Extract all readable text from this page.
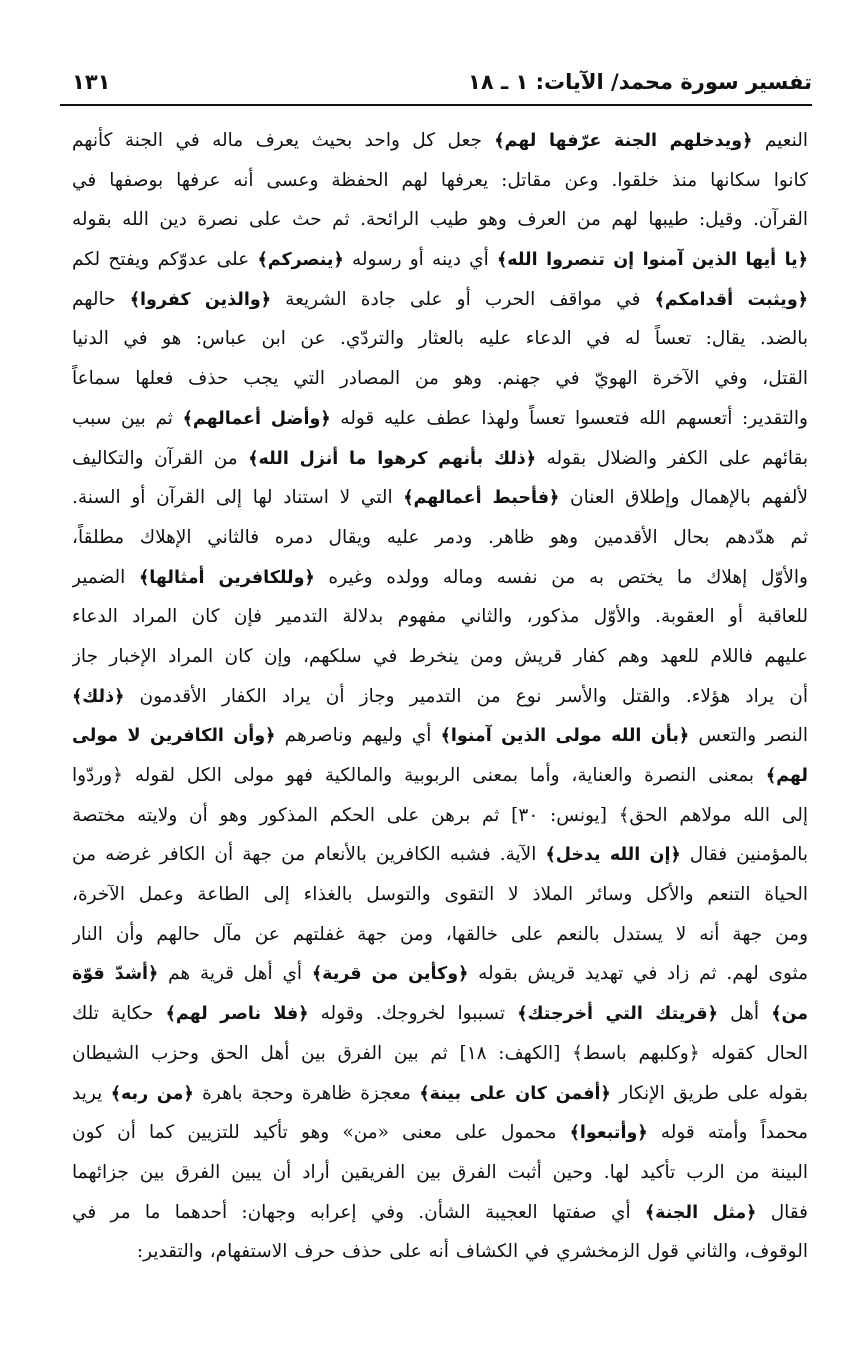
تفسير سورة محمد/ الآيات: ١ ـ ١٨
١٣١
النعيم ﴿ويدخلهم الجنة عرّفها لهم﴾ جعل كل واحد بحيث يعرف ماله في الجنة كأنهم
كانوا سكانها منذ خلقوا. وعن مقاتل: يعرفها لهم الحفظة وعسى أنه عرفها بوصفها في
القرآن. وقيل: طيبها لهم من العرف وهو طيب الرائحة. ثم حث على نصرة دين الله بقوله
﴿يا أيها الذين آمنوا إن تنصروا الله﴾ أي دينه أو رسوله ﴿ينصركم﴾ على عدوّكم ويفتح لكم
﴿ويثبت أقدامكم﴾ في مواقف الحرب أو على جادة الشريعة ﴿والذين كفروا﴾ حالهم
بالضد. يقال: تعساً له في الدعاء عليه بالعثار والتردّي. عن ابن عباس: هو في الدنيا
القتل، وفي الآخرة الهويّ في جهنم. وهو من المصادر التي يجب حذف فعلها سماعاً
والتقدير: أتعسهم الله فتعسوا تعساً ولهذا عطف عليه قوله ﴿وأضل أعمالهم﴾ ثم بين سبب
بقائهم على الكفر والضلال بقوله ﴿ذلك بأنهم كرهوا ما أنزل الله﴾ من القرآن والتكاليف
لألفهم بالإهمال وإطلاق العنان ﴿فأحبط أعمالهم﴾ التي لا استناد لها إلى القرآن أو السنة.
ثم هدّدهم بحال الأقدمين وهو ظاهر. ودمر عليه ويقال دمره فالثاني الإهلاك مطلقاً،
والأوّل إهلاك ما يختص به من نفسه وماله وولده وغيره ﴿وللكافرين أمثالها﴾ الضمير
للعاقبة أو العقوبة. والأوّل مذكور، والثاني مفهوم بدلالة التدمير فإن كان المراد الدعاء
عليهم فاللام للعهد وهم كفار قريش ومن ينخرط في سلكهم، وإن كان المراد الإخبار جاز
أن يراد هؤلاء. والقتل والأسر نوع من التدمير وجاز أن يراد الكفار الأقدمون ﴿ذلك﴾
النصر والتعس ﴿بأن الله مولى الذين آمنوا﴾ أي وليهم وناصرهم ﴿وأن الكافرين لا مولى
لهم﴾ بمعنى النصرة والعناية، وأما بمعنى الربوبية والمالكية فهو مولى الكل لقوله ﴿وردّوا
إلى الله مولاهم الحق﴾ [يونس: ٣٠] ثم برهن على الحكم المذكور وهو أن ولايته مختصة
بالمؤمنين فقال ﴿إن الله يدخل﴾ الآية. فشبه الكافرين بالأنعام من جهة أن الكافر غرضه من
الحياة التنعم والأكل وسائر الملاذ لا التقوى والتوسل بالغذاء إلى الطاعة وعمل الآخرة،
ومن جهة أنه لا يستدل بالنعم على خالقها، ومن جهة غفلتهم عن مآل حالهم وأن النار
مثوى لهم. ثم زاد في تهديد قريش بقوله ﴿وكأين من قرية﴾ أي أهل قرية هم ﴿أشدّ قوّة
من﴾ أهل ﴿قريتك التي أخرجتك﴾ تسببوا لخروجك. وقوله ﴿فلا ناصر لهم﴾ حكاية تلك
الحال كقوله ﴿وكلبهم باسط﴾ [الكهف: ١٨] ثم بين الفرق بين أهل الحق وحزب الشيطان
بقوله على طريق الإنكار ﴿أفمن كان على بينة﴾ معجزة ظاهرة وحجة باهرة ﴿من ربه﴾ يريد
محمداً وأمته قوله ﴿وأتبعوا﴾ محمول على معنى «من» وهو تأكيد للتزيين كما أن كون
البينة من الرب تأكيد لها. وحين أثبت الفرق بين الفريقين أراد أن يبين الفرق بين جزائهما
فقال ﴿مثل الجنة﴾ أي صفتها العجيبة الشأن. وفي إعرابه وجهان: أحدهما ما مر في
الوقوف، والثاني قول الزمخشري في الكشاف أنه على حذف حرف الاستفهام، والتقدير:
